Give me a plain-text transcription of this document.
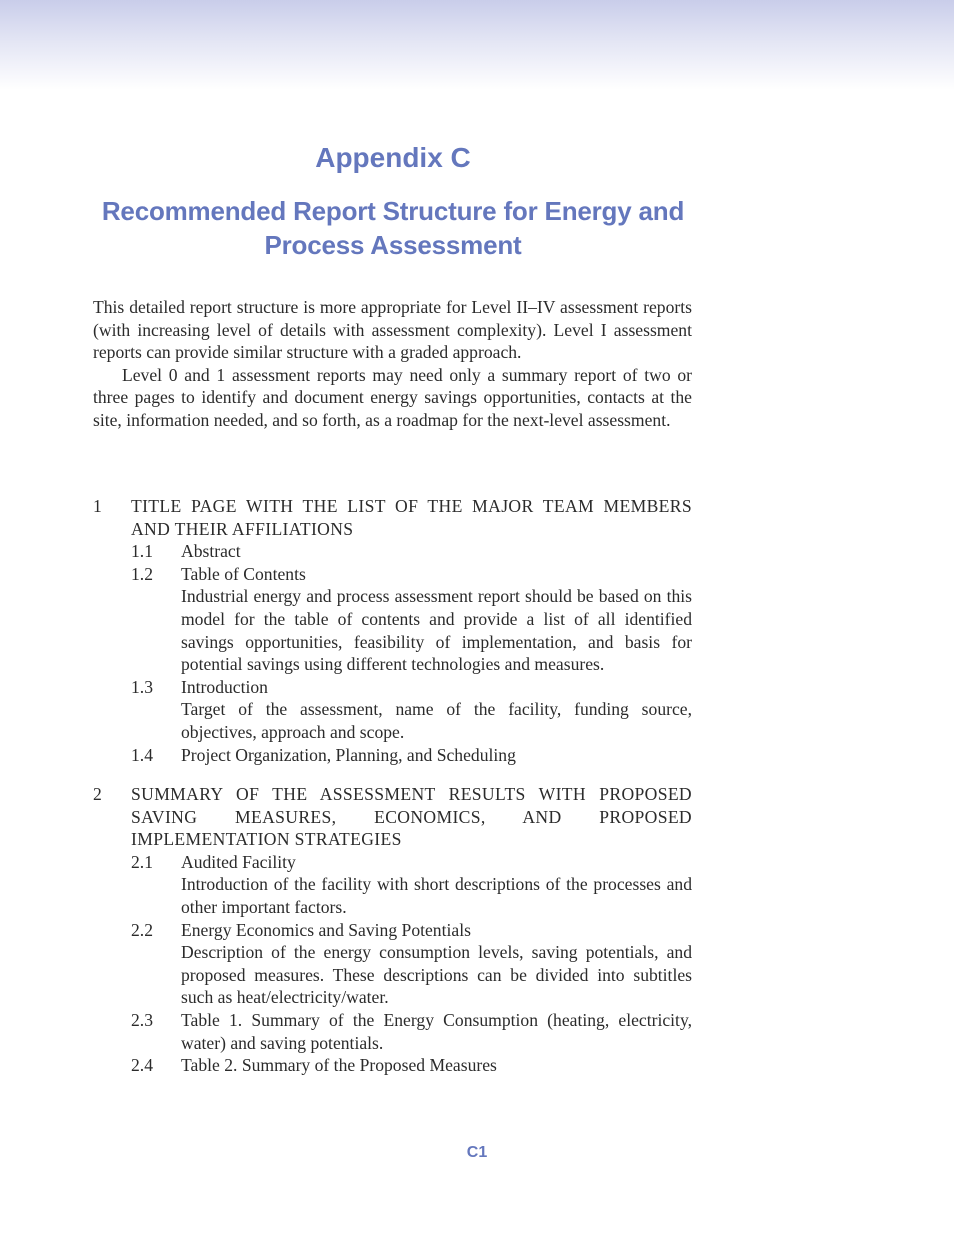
Appendix C
Recommended Report Structure for Energy and
Process Assessment

This detailed report structure is more appropriate for Level II–IV assessment reports (with increasing level of details with assessment complexity). Level I assessment reports can provide similar structure with a graded approach.

Level 0 and 1 assessment reports may need only a summary report of two or three pages to identify and document energy savings opportunities, contacts at the site, information needed, and so forth, as a roadmap for the next-level assessment.

1	TITLE PAGE WITH THE LIST OF THE MAJOR TEAM MEMBERS AND THEIR AFFILIATIONS
1.1	Abstract
1.2	Table of Contents
Industrial energy and process assessment report should be based on this model for the table of contents and provide a list of all identified savings opportunities, feasibility of implementation, and basis for potential savings using different technologies and measures.
1.3	Introduction
Target of the assessment, name of the facility, funding source, objectives, approach and scope.
1.4	Project Organization, Planning, and Scheduling
2	SUMMARY OF THE ASSESSMENT RESULTS WITH PROPOSED SAVING MEASURES, ECONOMICS, AND PROPOSED IMPLEMENTATION STRATEGIES
2.1	Audited Facility
Introduction of the facility with short descriptions of the processes and other important factors.
2.2	Energy Economics and Saving Potentials
Description of the energy consumption levels, saving potentials, and proposed measures. These descriptions can be divided into subtitles such as heat/electricity/water.
2.3	Table 1. Summary of the Energy Consumption (heating, electricity, water) and saving potentials.
2.4	Table 2. Summary of the Proposed Measures
C1
